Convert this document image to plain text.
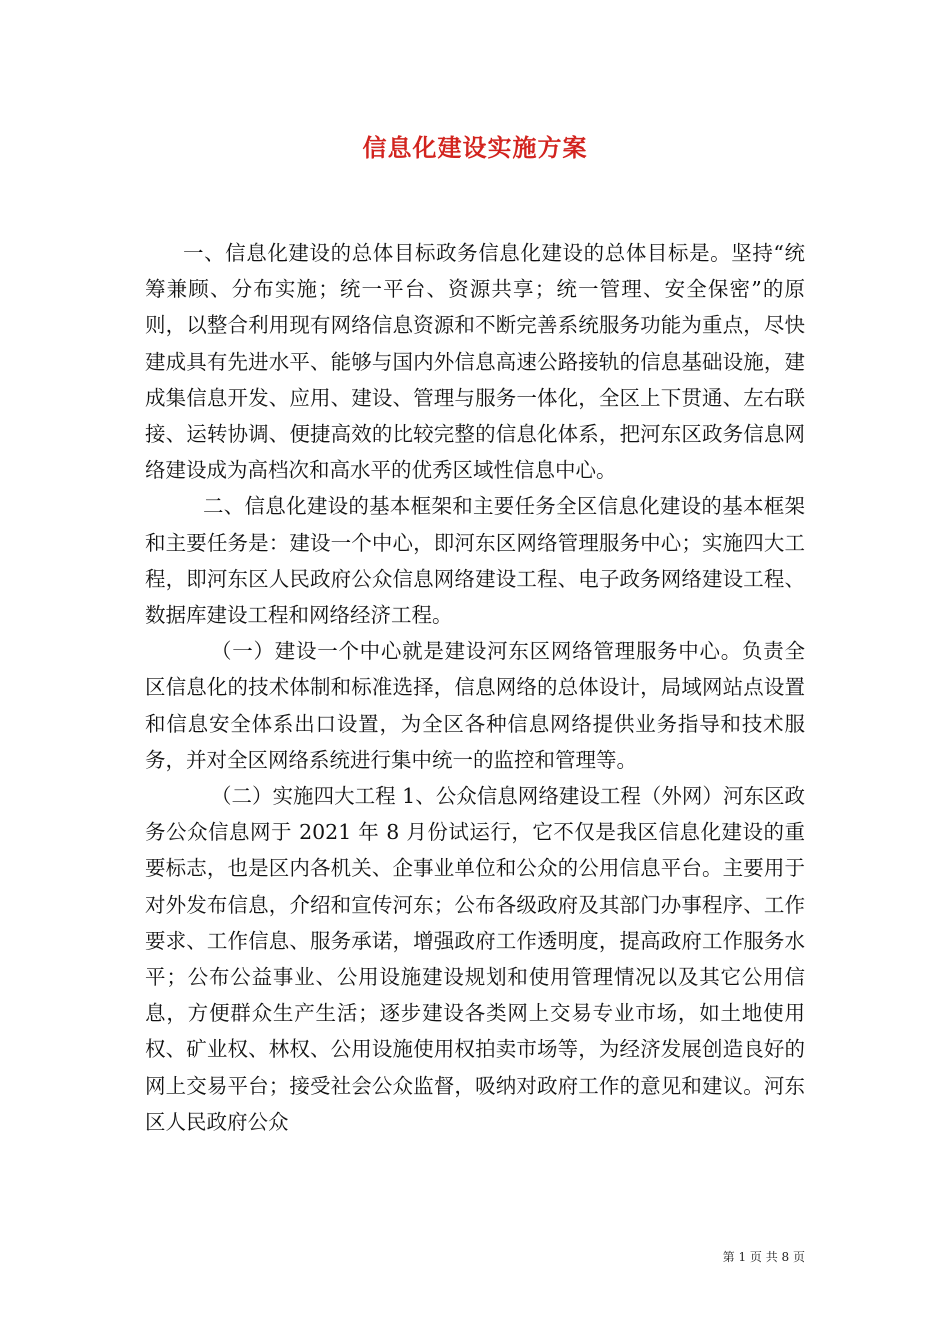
信息化建设实施方案

一、信息化建设的总体目标政务信息化建设的总体目标是。坚持“统筹兼顾、分布实施；统一平台、资源共享；统一管理、安全保密”的原则，以整合利用现有网络信息资源和不断完善系统服务功能为重点，尽快建成具有先进水平、能够与国内外信息高速公路接轨的信息基础设施，建成集信息开发、应用、建设、管理与服务一体化，全区上下贯通、左右联接、运转协调、便捷高效的比较完整的信息化体系，把河东区政务信息网络建设成为高档次和高水平的优秀区域性信息中心。

二、信息化建设的基本框架和主要任务全区信息化建设的基本框架和主要任务是：建设一个中心，即河东区网络管理服务中心；实施四大工程，即河东区人民政府公众信息网络建设工程、电子政务网络建设工程、数据库建设工程和网络经济工程。

（一）建设一个中心就是建设河东区网络管理服务中心。负责全区信息化的技术体制和标准选择，信息网络的总体设计，局域网站点设置和信息安全体系出口设置，为全区各种信息网络提供业务指导和技术服务，并对全区网络系统进行集中统一的监控和管理等。

（二）实施四大工程 1、公众信息网络建设工程（外网）河东区政务公众信息网于 2021 年 8 月份试运行，它不仅是我区信息化建设的重要标志，也是区内各机关、企事业单位和公众的公用信息平台。主要用于对外发布信息，介绍和宣传河东；公布各级政府及其部门办事程序、工作要求、工作信息、服务承诺，增强政府工作透明度，提高政府工作服务水平；公布公益事业、公用设施建设规划和使用管理情况以及其它公用信息，方便群众生产生活；逐步建设各类网上交易专业市场，如土地使用权、矿业权、林权、公用设施使用权拍卖市场等，为经济发展创造良好的网上交易平台；接受社会公众监督，吸纳对政府工作的意见和建议。河东区人民政府公众

第 1 页 共 8 页
